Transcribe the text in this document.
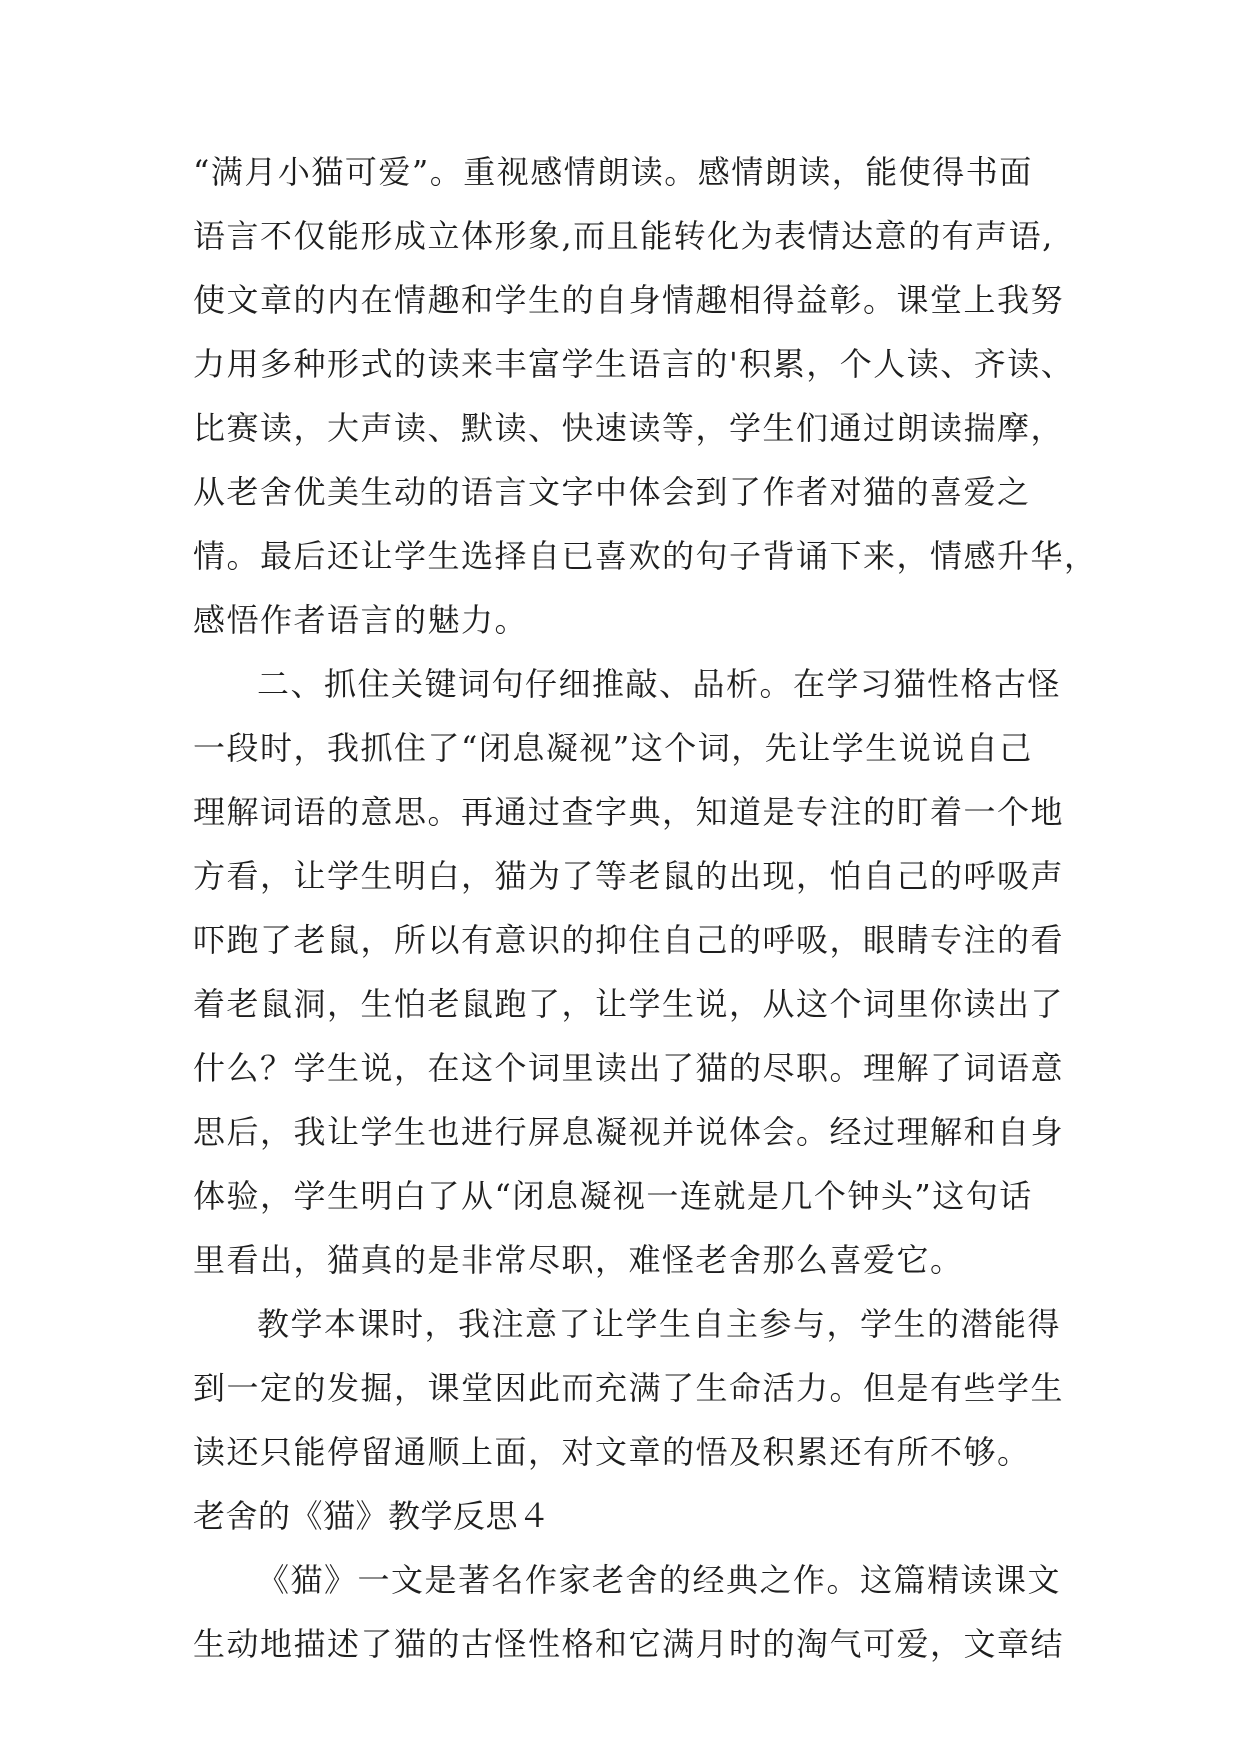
“满月小猫可爱”。重视感情朗读。感情朗读，能使得书面
语言不仅能形成立体形象,而且能转化为表情达意的有声语,
使文章的内在情趣和学生的自身情趣相得益彰。课堂上我努
力用多种形式的读来丰富学生语言的'积累，个人读、齐读、
比赛读，大声读、默读、快速读等，学生们通过朗读揣摩，
从老舍优美生动的语言文字中体会到了作者对猫的喜爱之
情。最后还让学生选择自已喜欢的句子背诵下来，情感升华，
感悟作者语言的魅力。
二、抓住关键词句仔细推敲、品析。在学习猫性格古怪
一段时，我抓住了“闭息凝视”这个词，先让学生说说自己
理解词语的意思。再通过查字典，知道是专注的盯着一个地
方看，让学生明白，猫为了等老鼠的出现，怕自己的呼吸声
吓跑了老鼠，所以有意识的抑住自己的呼吸，眼睛专注的看
着老鼠洞，生怕老鼠跑了，让学生说，从这个词里你读出了
什么？学生说，在这个词里读出了猫的尽职。理解了词语意
思后，我让学生也进行屏息凝视并说体会。经过理解和自身
体验，学生明白了从“闭息凝视一连就是几个钟头”这句话
里看出，猫真的是非常尽职，难怪老舍那么喜爱它。
教学本课时，我注意了让学生自主参与，学生的潜能得
到一定的发掘，课堂因此而充满了生命活力。但是有些学生
读还只能停留通顺上面，对文章的悟及积累还有所不够。
老舍的《猫》教学反思４
《猫》一文是著名作家老舍的经典之作。这篇精读课文
生动地描述了猫的古怪性格和它满月时的淘气可爱，文章结
